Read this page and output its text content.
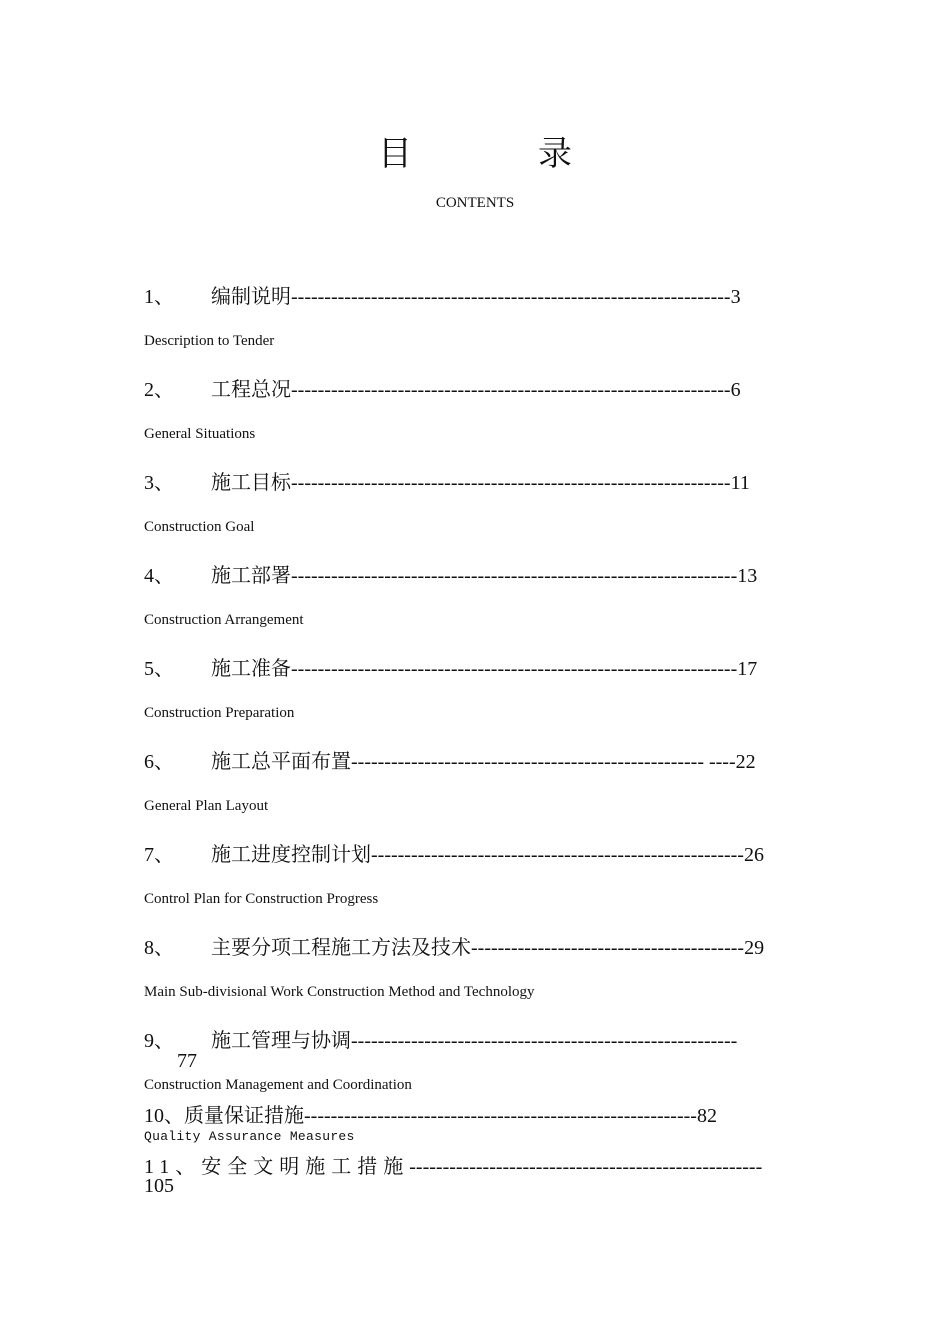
目　录
CONTENTS
1、 编制说明------------------------------------------------------------------3
Description to Tender
2、 工程总况------------------------------------------------------------------6
General Situations
3、 施工目标------------------------------------------------------------------11
Construction Goal
4、 施工部署-------------------------------------------------------------------13
Construction Arrangement
5、 施工准备-------------------------------------------------------------------17
Construction Preparation
6、 施工总平面布置----------------------------------------------------- ----22
General Plan Layout
7、 施工进度控制计划--------------------------------------------------------26
Control Plan for Construction Progress
8、 主要分项工程施工方法及技术-----------------------------------------29
Main Sub-divisional Work Construction Method and Technology
9、 施工管理与协调----------------------------------------------------------
77
Construction Management and Coordination
10、质量保证措施-----------------------------------------------------------82
Quality Assurance Measures
11、安全文明施工措施-----------------------------------------------------
105
